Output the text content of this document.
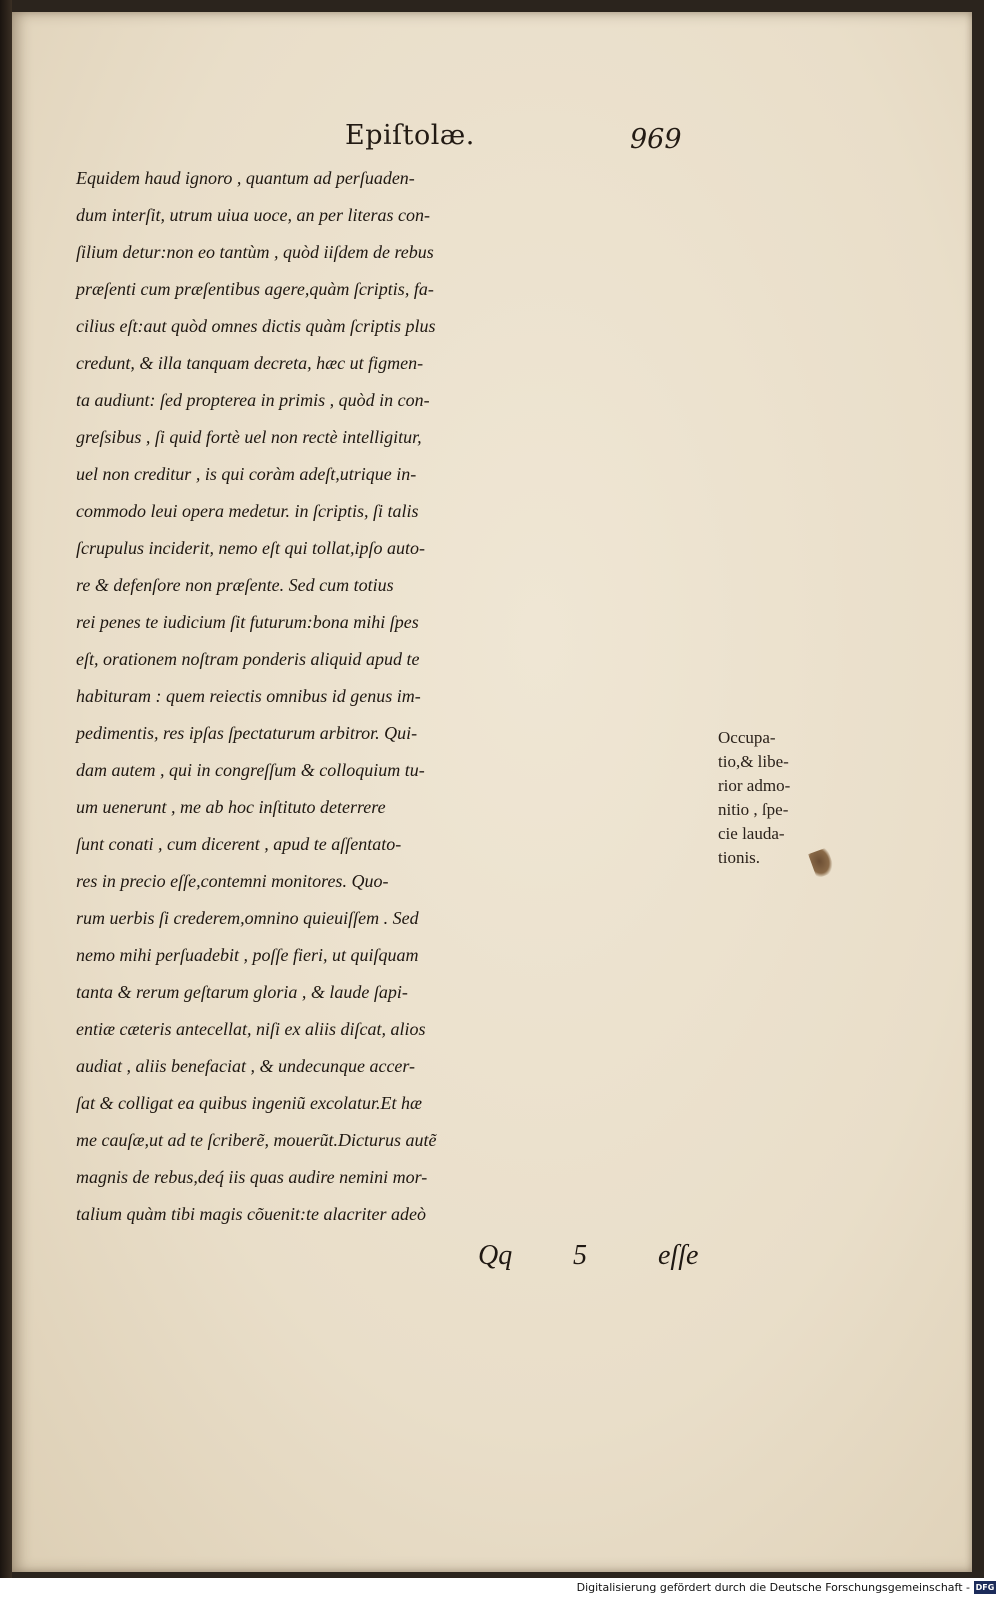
Epiſtolæ.	969
Equidem haud ignoro , quantum ad perſuaden-
dum interſit, utrum uiua uoce, an per literas con-
ſilium detur:non eo tantùm , quòd iiſdem de rebus
præſenti cum præſentibus agere,quàm ſcriptis, fa-
cilius eſt:aut quòd omnes dictis quàm ſcriptis plus
credunt, & illa tanquam decreta, hæc ut figmen-
ta audiunt: ſed propterea in primis , quòd in con-
greſsibus , ſi quid fortè uel non rectè intelligitur,
uel non creditur , is qui coràm adeſt,utrique in-
commodo leui opera medetur. in ſcriptis, ſi talis
ſcrupulus inciderit, nemo eſt qui tollat,ipſo auto-
re & defenſore non præſente. Sed cum totius
rei penes te iudicium ſit futurum:bona mihi ſpes
eſt, orationem noſtram ponderis aliquid apud te
habituram : quem reiectis omnibus id genus im-
pedimentis, res ipſas ſpectaturum arbitror. Qui-
dam autem , qui in congreſſum & colloquium tu-
um uenerunt , me ab hoc inſtituto deterrere
ſunt conati , cum dicerent , apud te aſſentato-
res in precio eſſe,contemni monitores. Quo-
rum uerbis ſi crederem,omnino quieuiſſem . Sed
nemo mihi perſuadebit , poſſe fieri, ut quiſquam
tanta & rerum geſtarum gloria , & laude ſapi-
entiæ cæteris antecellat, niſi ex aliis diſcat, alios
audiat , aliis benefaciat , & undecunque accer-
ſat & colligat ea quibus ingeniũ excolatur.Et hæ
me cauſæ,ut ad te ſcriberẽ, mouerũt.Dicturus autẽ
magnis de rebus,deq́ iis quas audire nemini mor-
talium quàm tibi magis cõuenit:te alacriter adeò
Occupa-
tio,& libe-
rior admo-
nitio , ſpe-
cie lauda-
tionis.
Qq 5	eſſe
Digitalisierung gefördert durch die Deutsche Forschungsgemeinschaft - DFG
